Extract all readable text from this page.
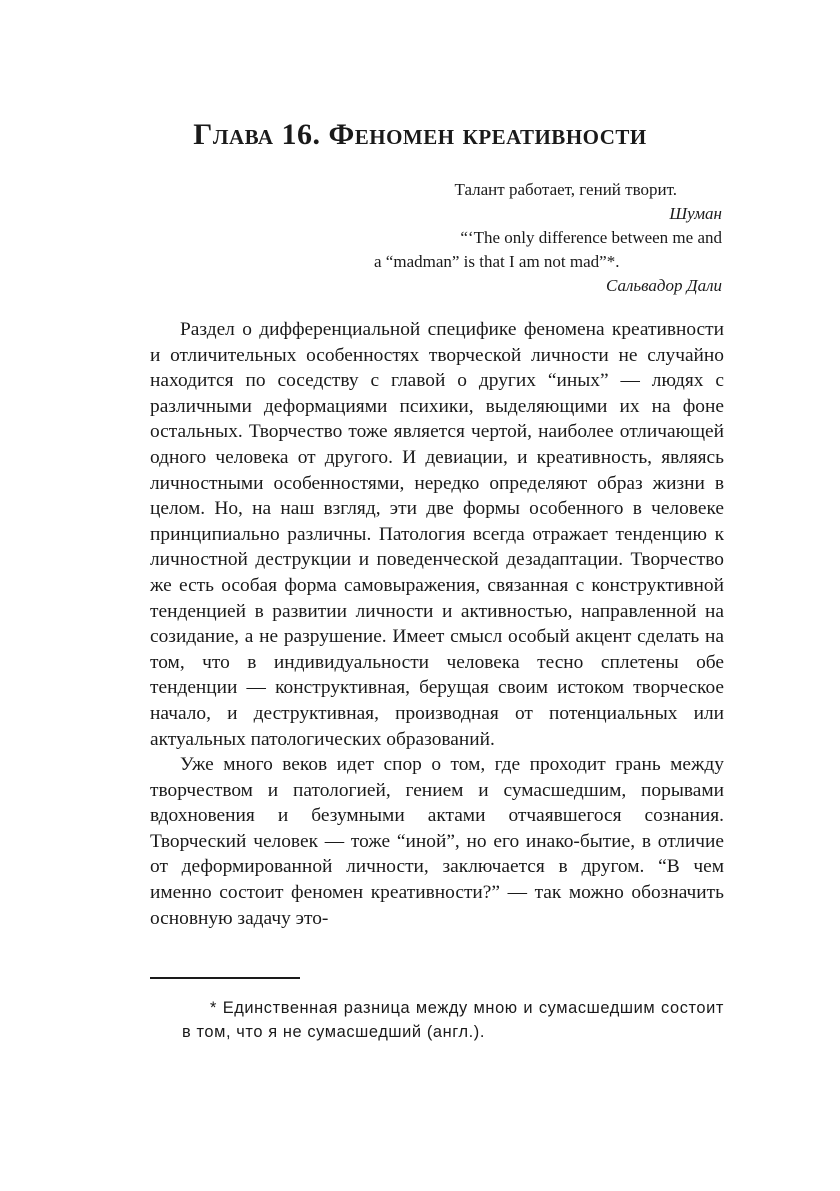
Глава 16. Феномен креативности
Талант работает, гений творит.
Шуман
“‘The only difference between me and
a “madman” is that I am not mad”*.
Сальвадор Дали

Раздел о дифференциальной специфике феномена креативности и отличительных особенностях творческой личности не случайно находится по соседству с главой о других “иных” — людях с различными деформациями психики, выделяющими их на фоне остальных. Творчество тоже является чертой, наиболее отличающей одного человека от другого. И девиации, и креативность, являясь личностными особенностями, нередко определяют образ жизни в целом. Но, на наш взгляд, эти две формы особенного в человеке принципиально различны. Патология всегда отражает тенденцию к личностной деструкции и поведенческой дезадаптации. Творчество же есть особая форма самовыражения, связанная с конструктивной тенденцией в развитии личности и активностью, направленной на созидание, а не разрушение. Имеет смысл особый акцент сделать на том, что в индивидуальности человека тесно сплетены обе тенденции — конструктивная, берущая своим истоком творческое начало, и деструктивная, производная от потенциальных или актуальных патологических образований.

Уже много веков идет спор о том, где проходит грань между творчеством и патологией, гением и сумасшедшим, порывами вдохновения и безумными актами отчаявшегося сознания. Творческий человек — тоже “иной”, но его инако-бытие, в отличие от деформированной личности, заключается в другом. “В чем именно состоит феномен креативности?” — так можно обозначить основную задачу это-

* Единственная разница между мною и сумасшедшим состоит в том, что я не сумасшедший (англ.).
